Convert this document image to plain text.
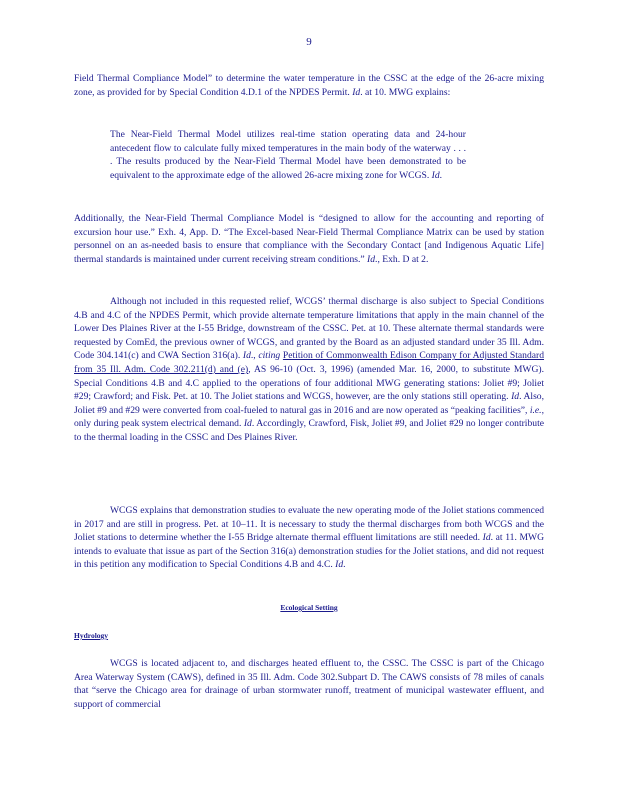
9

Field Thermal Compliance Model” to determine the water temperature in the CSSC at the edge of the 26-acre mixing zone, as provided for by Special Condition 4.D.1 of the NPDES Permit. Id. at 10. MWG explains:

The Near-Field Thermal Model utilizes real-time station operating data and 24-hour antecedent flow to calculate fully mixed temperatures in the main body of the waterway . . . . The results produced by the Near-Field Thermal Model have been demonstrated to be equivalent to the approximate edge of the allowed 26-acre mixing zone for WCGS. Id.

Additionally, the Near-Field Thermal Compliance Model is “designed to allow for the accounting and reporting of excursion hour use.” Exh. 4, App. D. “The Excel-based Near-Field Thermal Compliance Matrix can be used by station personnel on an as-needed basis to ensure that compliance with the Secondary Contact [and Indigenous Aquatic Life] thermal standards is maintained under current receiving stream conditions.” Id., Exh. D at 2.

Although not included in this requested relief, WCGS’ thermal discharge is also subject to Special Conditions 4.B and 4.C of the NPDES Permit, which provide alternate temperature limitations that apply in the main channel of the Lower Des Plaines River at the I-55 Bridge, downstream of the CSSC. Pet. at 10. These alternate thermal standards were requested by ComEd, the previous owner of WCGS, and granted by the Board as an adjusted standard under 35 Ill. Adm. Code 304.141(c) and CWA Section 316(a). Id., citing Petition of Commonwealth Edison Company for Adjusted Standard from 35 Ill. Adm. Code 302.211(d) and (e), AS 96-10 (Oct. 3, 1996) (amended Mar. 16, 2000, to substitute MWG). Special Conditions 4.B and 4.C applied to the operations of four additional MWG generating stations: Joliet #9; Joliet #29; Crawford; and Fisk. Pet. at 10. The Joliet stations and WCGS, however, are the only stations still operating. Id. Also, Joliet #9 and #29 were converted from coal-fueled to natural gas in 2016 and are now operated as “peaking facilities”, i.e., only during peak system electrical demand. Id. Accordingly, Crawford, Fisk, Joliet #9, and Joliet #29 no longer contribute to the thermal loading in the CSSC and Des Plaines River.

WCGS explains that demonstration studies to evaluate the new operating mode of the Joliet stations commenced in 2017 and are still in progress. Pet. at 10–11. It is necessary to study the thermal discharges from both WCGS and the Joliet stations to determine whether the I-55 Bridge alternate thermal effluent limitations are still needed. Id. at 11. MWG intends to evaluate that issue as part of the Section 316(a) demonstration studies for the Joliet stations, and did not request in this petition any modification to Special Conditions 4.B and 4.C. Id.

Ecological Setting
Hydrology

WCGS is located adjacent to, and discharges heated effluent to, the CSSC. The CSSC is part of the Chicago Area Waterway System (CAWS), defined in 35 Ill. Adm. Code 302.Subpart D. The CAWS consists of 78 miles of canals that “serve the Chicago area for drainage of urban stormwater runoff, treatment of municipal wastewater effluent, and support of commercial
